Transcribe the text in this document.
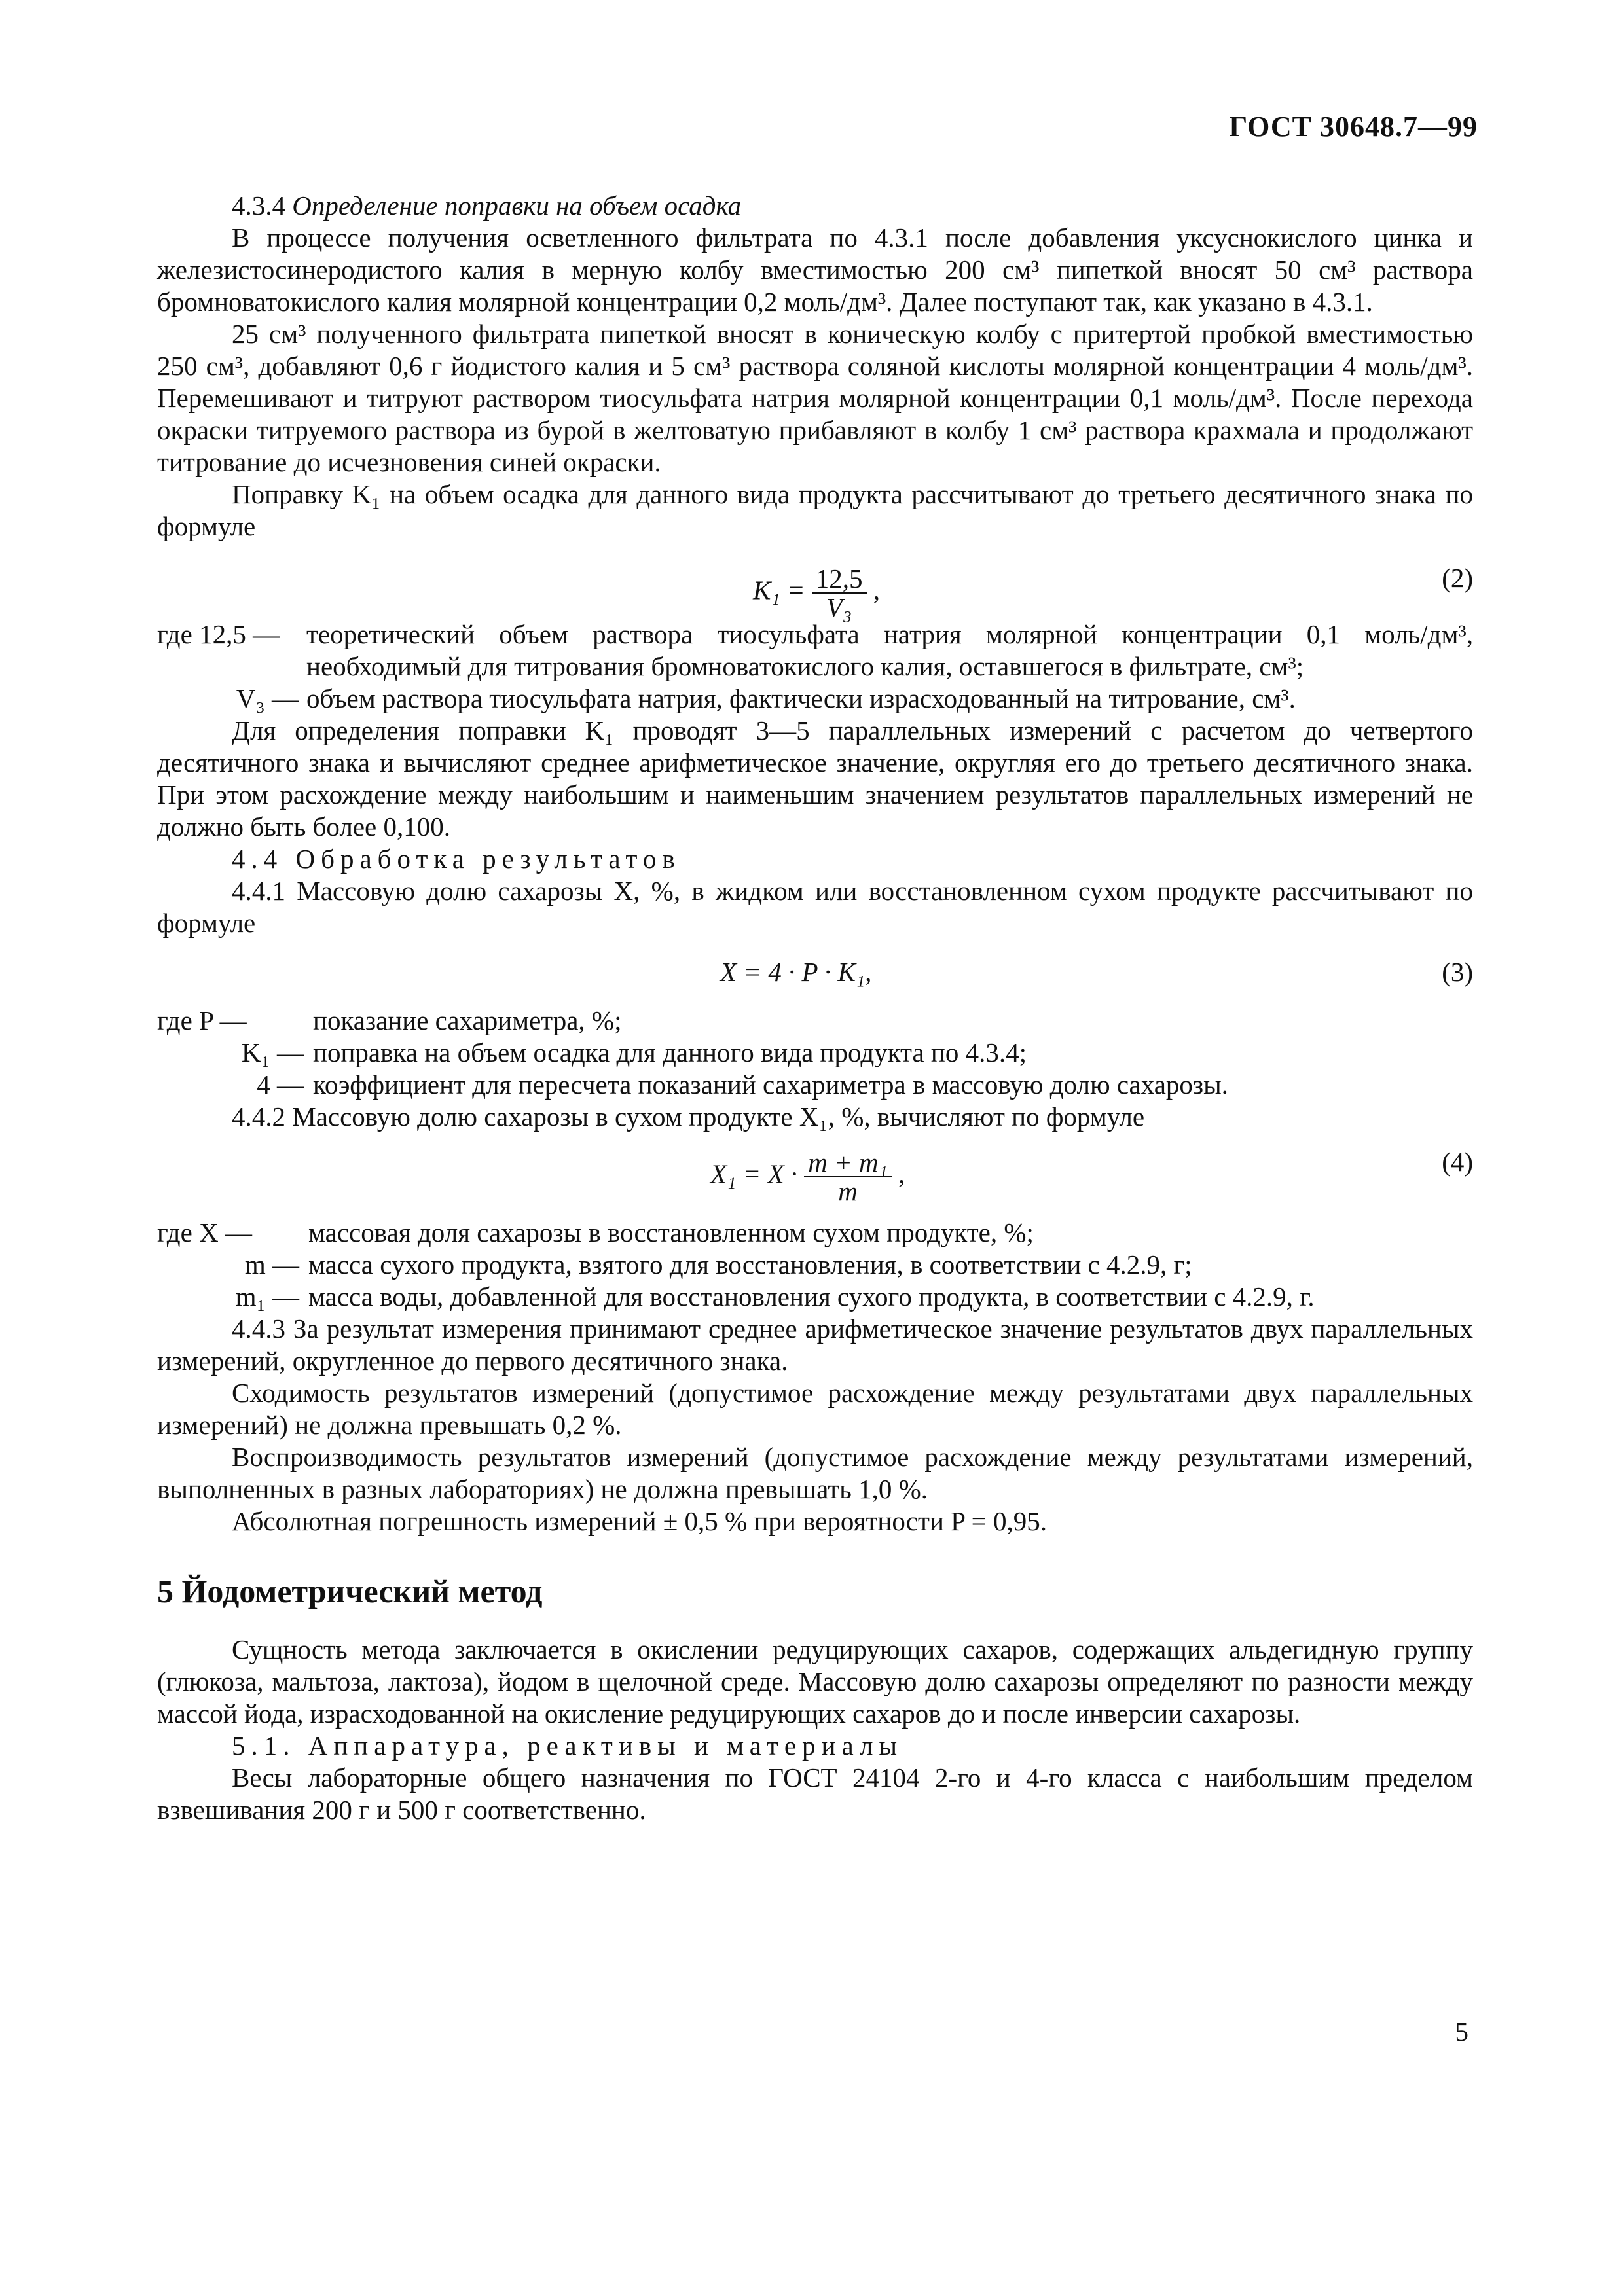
ГОСТ 30648.7—99

4.3.4 Определение поправки на объем осадка

В процессе получения осветленного фильтрата по 4.3.1 после добавления уксуснокислого цинка и железистосинеродистого калия в мерную колбу вместимостью 200 см³ пипеткой вносят 50 см³ раствора бромноватокислого калия молярной концентрации 0,2 моль/дм³. Далее поступают так, как указано в 4.3.1.

25 см³ полученного фильтрата пипеткой вносят в коническую колбу с притертой пробкой вместимостью 250 см³, добавляют 0,6 г йодистого калия и 5 см³ раствора соляной кислоты молярной концентрации 4 моль/дм³. Перемешивают и титруют раствором тиосульфата натрия молярной концентрации 0,1 моль/дм³. После перехода окраски титруемого раствора из бурой в желтоватую прибавляют в колбу 1 см³ раствора крахмала и продолжают титрование до исчезновения синей окраски.

Поправку K₁ на объем осадка для данного вида продукта рассчитывают до третьего десятичного знака по формуле

$K_1 = \frac{12,5}{\text{V₃}}$ ,	(2)
где 12,5 — теоретический объем раствора тиосульфата натрия молярной концентрации 0,1 моль/дм³, необходимый для титрования бромноватокислого калия, оставшегося в фильтрате, см³;
V₃ — объем раствора тиосульфата натрия, фактически израсходованный на титрование, см³.

Для определения поправки K₁ проводят 3—5 параллельных измерений с расчетом до четвертого десятичного знака и вычисляют среднее арифметическое значение, округляя его до третьего десятичного знака. При этом расхождение между наибольшим и наименьшим значением результатов параллельных измерений не должно быть более 0,100.

4.4 Обработка результатов

4.4.1 Массовую долю сахарозы X, %, в жидком или восстановленном сухом продукте рассчитывают по формуле

X = 4 · P · K₁,	(3)
где P —	показание сахариметра, %;
K₁ — поправка на объем осадка для данного вида продукта по 4.3.4;
4 — коэффициент для пересчета показаний сахариметра в массовую долю сахарозы.

4.4.2 Массовую долю сахарозы в сухом продукте X₁, %, вычисляют по формуле

$X_1 = X \cdot \frac{\text{m + m₁}}{m}$ ,	(4)
где X —	массовая доля сахарозы в восстановленном сухом продукте, %;
m — масса сухого продукта, взятого для восстановления, в соответствии с 4.2.9, г;
m₁ — масса воды, добавленной для восстановления сухого продукта, в соответствии с 4.2.9, г.

4.4.3 За результат измерения принимают среднее арифметическое значение результатов двух параллельных измерений, округленное до первого десятичного знака.

Сходимость результатов измерений (допустимое расхождение между результатами двух параллельных измерений) не должна превышать 0,2 %.

Воспроизводимость результатов измерений (допустимое расхождение между результатами измерений, выполненных в разных лабораториях) не должна превышать 1,0 %.

Абсолютная погрешность измерений ± 0,5 % при вероятности P = 0,95.

5 Йодометрический метод

Сущность метода заключается в окислении редуцирующих сахаров, содержащих альдегидную группу (глюкоза, мальтоза, лактоза), йодом в щелочной среде. Массовую долю сахарозы определяют по разности между массой йода, израсходованной на окисление редуцирующих сахаров до и после инверсии сахарозы.

5.1. Аппаратура, реактивы и материалы

Весы лабораторные общего назначения по ГОСТ 24104 2-го и 4-го класса с наибольшим пределом взвешивания 200 г и 500 г соответственно.

5
